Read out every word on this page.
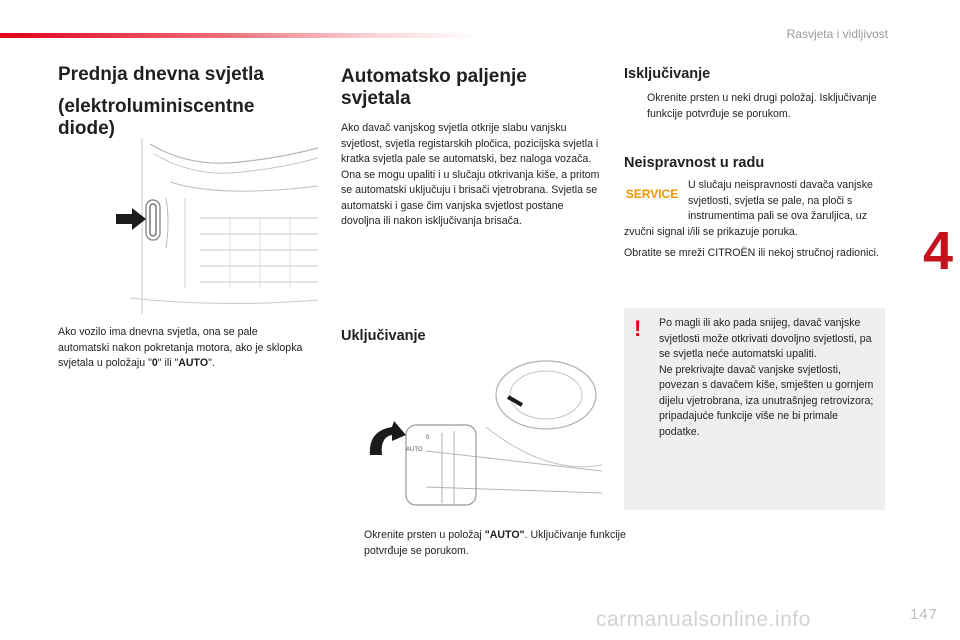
Rasvjeta i vidljivost
4
Prednja dnevna svjetla
(elektroluminiscentne diode)

Ako vozilo ima dnevna svjetla, ona se pale automatski nakon pokretanja motora, ako je sklopka svjetala u položaju "0" ili "AUTO".

Automatsko paljenje svjetala

Ako davač vanjskog svjetla otkrije slabu vanjsku svjetlost, svjetla registarskih pločica, pozicijska svjetla i kratka svjetla pale se automatski, bez naloga vozača. Ona se mogu upaliti i u slučaju otkrivanja kiše, a pritom se automatski uključuju i brisači vjetrobrana. Svjetla se automatski i gase čim vanjska svjetlost postane dovoljna ili nakon isključivanja brisača.

Uključivanje
0
AUTO

Okrenite prsten u položaj "AUTO". Uključivanje funkcije potvrđuje se porukom.

Isključivanje

Okrenite prsten u neki drugi položaj. Isključivanje funkcije potvrđuje se porukom.

Neispravnost u radu
SERVICE

U slučaju neispravnosti davača vanjske svjetlosti, svjetla se pale, na ploči s instrumentima pali se ova žaruljica, uz zvučni signal i/ili se prikazuje poruka.

Obratite se mreži CITROËN ili nekoj stručnoj radionici.

! Po magli ili ako pada snijeg, davač vanjske svjetlosti može otkrivati dovoljno svjetlosti, pa se svjetla neće automatski upaliti.

Ne prekrivajte davač vanjske svjetlosti, povezan s davačem kiše, smješten u gornjem dijelu vjetrobrana, iza unutrašnjeg retrovizora; pripadajuće funkcije više ne bi primale podatke.

147
carmanualsonline.info
